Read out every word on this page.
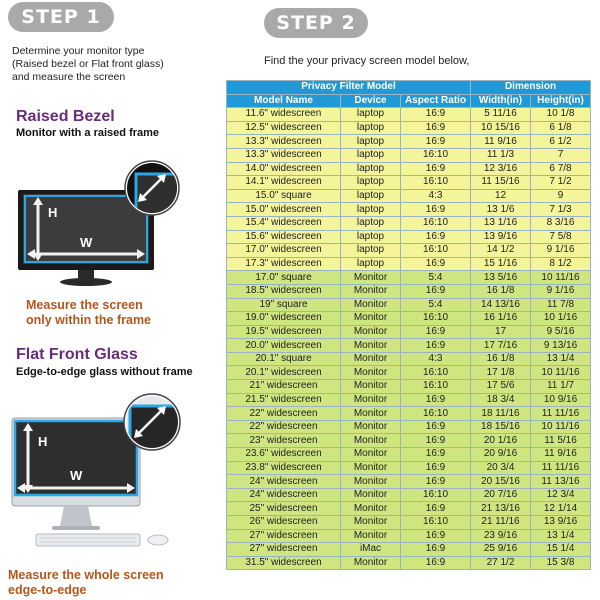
STEP 1	STEP 2
Determine your monitor type
(Raised bezel or Flat front glass)
and measure the screen
Find the your privacy screen model below,
Raised Bezel
Monitor with a raised frame
H
W
Measure the screen
only within the frame
Flat Front Glass
Edge-to-edge glass without frame
H
W
Measure the whole screen
edge-to-edge
Privacy Filter Model			Dimension	
Model Name	Device	Aspect Ratio	Width(in)	Height(in)
11.6" widescreen	laptop	16:9	5 11/16	10 1/8
12.5" widescreen	laptop	16:9	10 15/16	6 1/8
13.3" widescreen	laptop	16:9	11 9/16	6 1/2
13.3" widescreen	laptop	16:10	11 1/3	7
14.0" widescreen	laptop	16:9	12 3/16	6 7/8
14.1" widescreen	laptop	16:10	11 15/16	7 1/2
15.0" square	laptop	4:3	12	9
15.0" widescreen	laptop	16:9	13 1/6	7 1/3
15.4" widescreen	laptop	16:10	13 1/16	8 3/16
15.6" widescreen	laptop	16:9	13 9/16	7 5/8
17.0" widescreen	laptop	16:10	14 1/2	9 1/16
17.3" widescreen	laptop	16:9	15 1/16	8 1/2
17.0" square	Monitor	5:4	13 5/16	10 11/16
18.5" widescreen	Monitor	16:9	16 1/8	9 1/16
19" square	Monitor	5:4	14 13/16	11 7/8
19.0" widescreen	Monitor	16:10	16 1/16	10 1/16
19.5" widescreen	Monitor	16:9	17	9 5/16
20.0" widescreen	Monitor	16:9	17 7/16	9 13/16
20.1" square	Monitor	4:3	16 1/8	13 1/4
20.1" widescreen	Monitor	16:10	17 1/8	10 11/16
21" widescreen	Monitor	16:10	17 5/6	11 1/7
21.5" widescreen	Monitor	16:9	18 3/4	10 9/16
22" widescreen	Monitor	16:10	18 11/16	11 11/16
22" widescreen	Monitor	16:9	18 15/16	10 11/16
23" widescreen	Monitor	16:9	20 1/16	11 5/16
23.6" widescreen	Monitor	16:9	20 9/16	11 9/16
23.8" widescreen	Monitor	16:9	20 3/4	11 11/16
24" widescreen	Monitor	16:9	20 15/16	11 13/16
24" widescreen	Monitor	16:10	20 7/16	12 3/4
25" widescreen	Monitor	16:9	21 13/16	12 1/14
26" widescreen	Monitor	16:10	21 11/16	13 9/16
27" widescreen	Monitor	16:9	23 9/16	13 1/4
27" widescreen	iMac	16:9	25 9/16	15 1/4
31.5" widescreen	Monitor	16:9	27 1/2	15 3/8
